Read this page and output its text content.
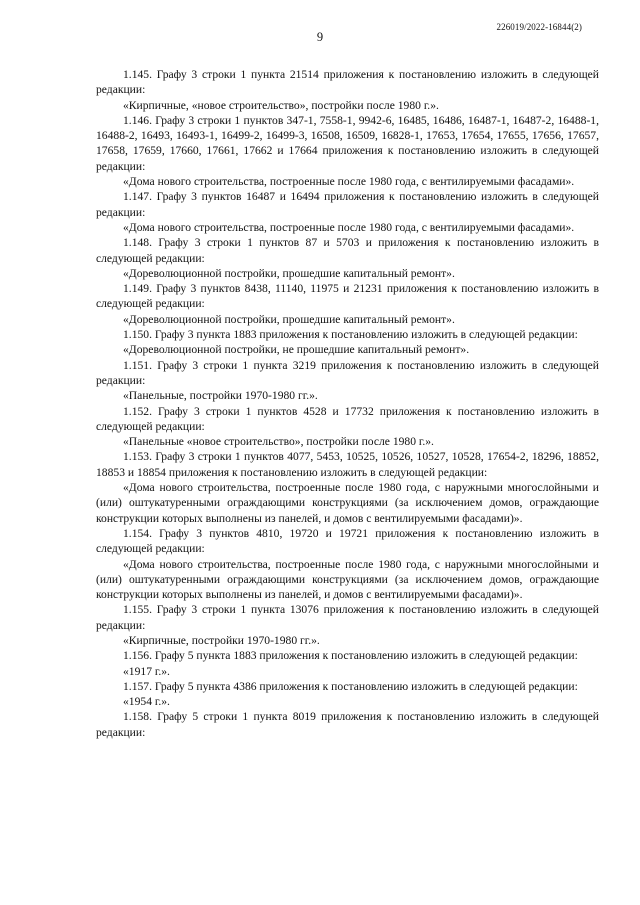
226019/2022-16844(2)
9

1.145. Графу 3 строки 1 пункта 21514 приложения к постановлению изложить в следующей редакции:

«Кирпичные, «новое строительство», постройки после 1980 г.».

1.146. Графу 3 строки 1 пунктов 347-1, 7558-1, 9942-6, 16485, 16486, 16487-1, 16487-2, 16488-1, 16488-2, 16493, 16493-1, 16499-2, 16499-3, 16508, 16509, 16828-1, 17653, 17654, 17655, 17656, 17657, 17658, 17659, 17660, 17661, 17662 и 17664 приложения к постановлению изложить в следующей редакции:

«Дома нового строительства, построенные после 1980 года, с вентилируемыми фасадами».

1.147. Графу 3 пунктов 16487 и 16494 приложения к постановлению изложить в следующей редакции:

«Дома нового строительства, построенные после 1980 года, с вентилируемыми фасадами».

1.148. Графу 3 строки 1 пунктов 87 и 5703 и приложения к постановлению изложить в следующей редакции:

«Дореволюционной постройки, прошедшие капитальный ремонт».

1.149. Графу 3 пунктов 8438, 11140, 11975 и 21231 приложения к постановлению изложить в следующей редакции:

«Дореволюционной постройки, прошедшие капитальный ремонт».

1.150. Графу 3 пункта 1883 приложения к постановлению изложить в следующей редакции:

«Дореволюционной постройки, не прошедшие капитальный ремонт».

1.151. Графу 3 строки 1 пункта 3219 приложения к постановлению изложить в следующей редакции:

«Панельные, постройки 1970-1980 гг.».

1.152. Графу 3 строки 1 пунктов 4528 и 17732 приложения к постановлению изложить в следующей редакции:

«Панельные «новое строительство», постройки после 1980 г.».

1.153. Графу 3 строки 1 пунктов 4077, 5453, 10525, 10526, 10527, 10528, 17654-2, 18296, 18852, 18853 и 18854 приложения к постановлению изложить в следующей редакции:

«Дома нового строительства, построенные после 1980 года, с наружными многослойными и (или) оштукатуренными ограждающими конструкциями (за исключением домов, ограждающие конструкции которых выполнены из панелей, и домов с вентилируемыми фасадами)».

1.154. Графу 3 пунктов 4810, 19720 и 19721 приложения к постановлению изложить в следующей редакции:

«Дома нового строительства, построенные после 1980 года, с наружными многослойными и (или) оштукатуренными ограждающими конструкциями (за исключением домов, ограждающие конструкции которых выполнены из панелей, и домов с вентилируемыми фасадами)».

1.155. Графу 3 строки 1 пункта 13076 приложения к постановлению изложить в следующей редакции:

«Кирпичные, постройки 1970-1980 гг.».

1.156. Графу 5 пункта 1883 приложения к постановлению изложить в следующей редакции:

«1917 г.».

1.157. Графу 5 пункта 4386 приложения к постановлению изложить в следующей редакции:

«1954 г.».

1.158. Графу 5 строки 1 пункта 8019 приложения к постановлению изложить в следующей редакции:
